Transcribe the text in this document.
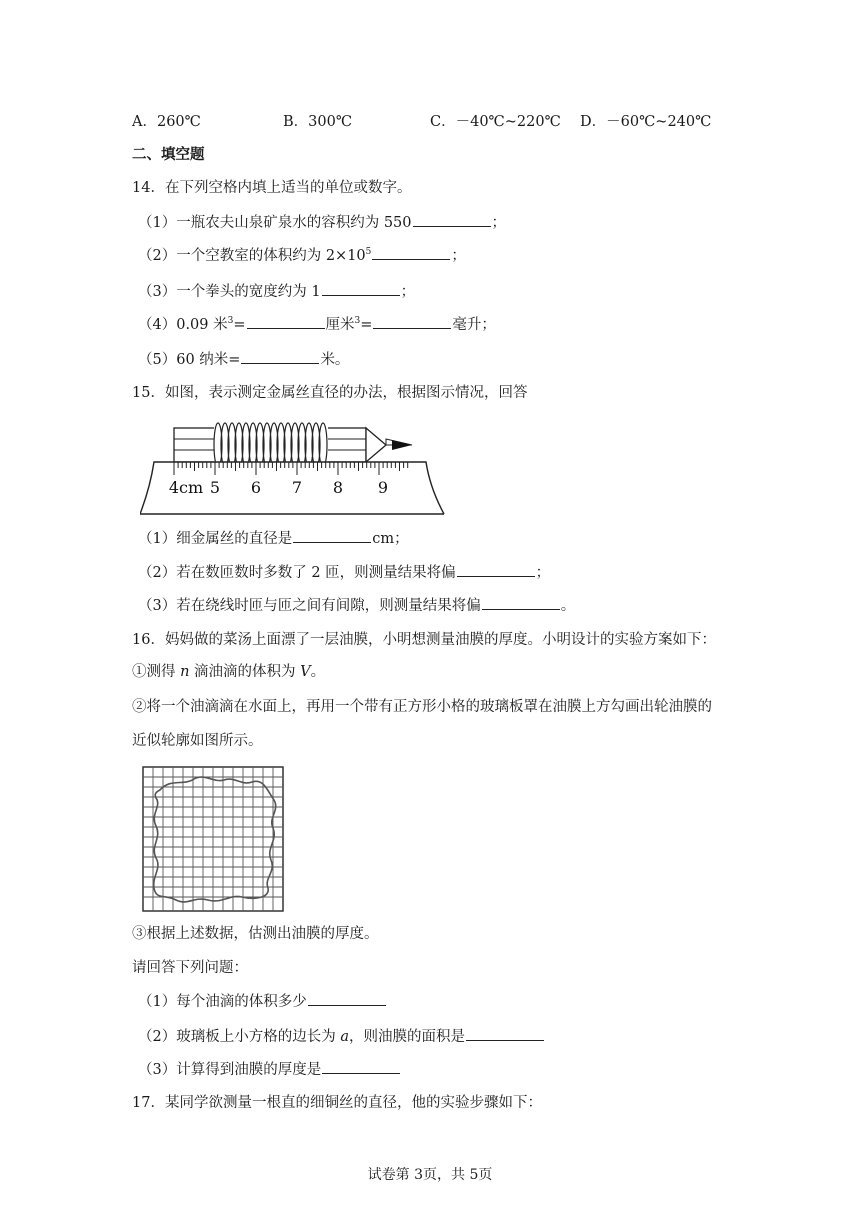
A．260℃	B．300℃	C．－40℃~220℃ D．－60℃~240℃
二、填空题
14．在下列空格内填上适当的单位或数字。
（1）一瓶农夫山泉矿泉水的容积约为 550	；
（2）一个空教室的体积约为 $2\times 10^5$	；
（3）一个拳头的宽度约为 1	；
（4）0.09 米$^3$=	厘米$^3$=	毫升；
（5）60 纳米=	米。
15．如图，表示测定金属丝直径的办法，根据图示情况，回答
4cm 5 6 7 8 9
（1）细金属丝的直径是	cm；
（2）若在数匝数时多数了 2 匝，则测量结果将偏	；
（3）若在绕线时匝与匝之间有间隙，则测量结果将偏	。
16．妈妈做的菜汤上面漂了一层油膜，小明想测量油膜的厚度。小明设计的实验方案如下：
①测得 n 滴油滴的体积为 V。
②将一个油滴滴在水面上，再用一个带有正方形小格的玻璃板罩在油膜上方勾画出轮油膜的
近似轮廓如图所示。
③根据上述数据，估测出油膜的厚度。
请回答下列问题：
（1）每个油滴的体积多少
（2）玻璃板上小方格的边长为 a，则油膜的面积是
（3）计算得到油膜的厚度是
17．某同学欲测量一根直的细铜丝的直径，他的实验步骤如下：
试卷第 3页，共 5页
